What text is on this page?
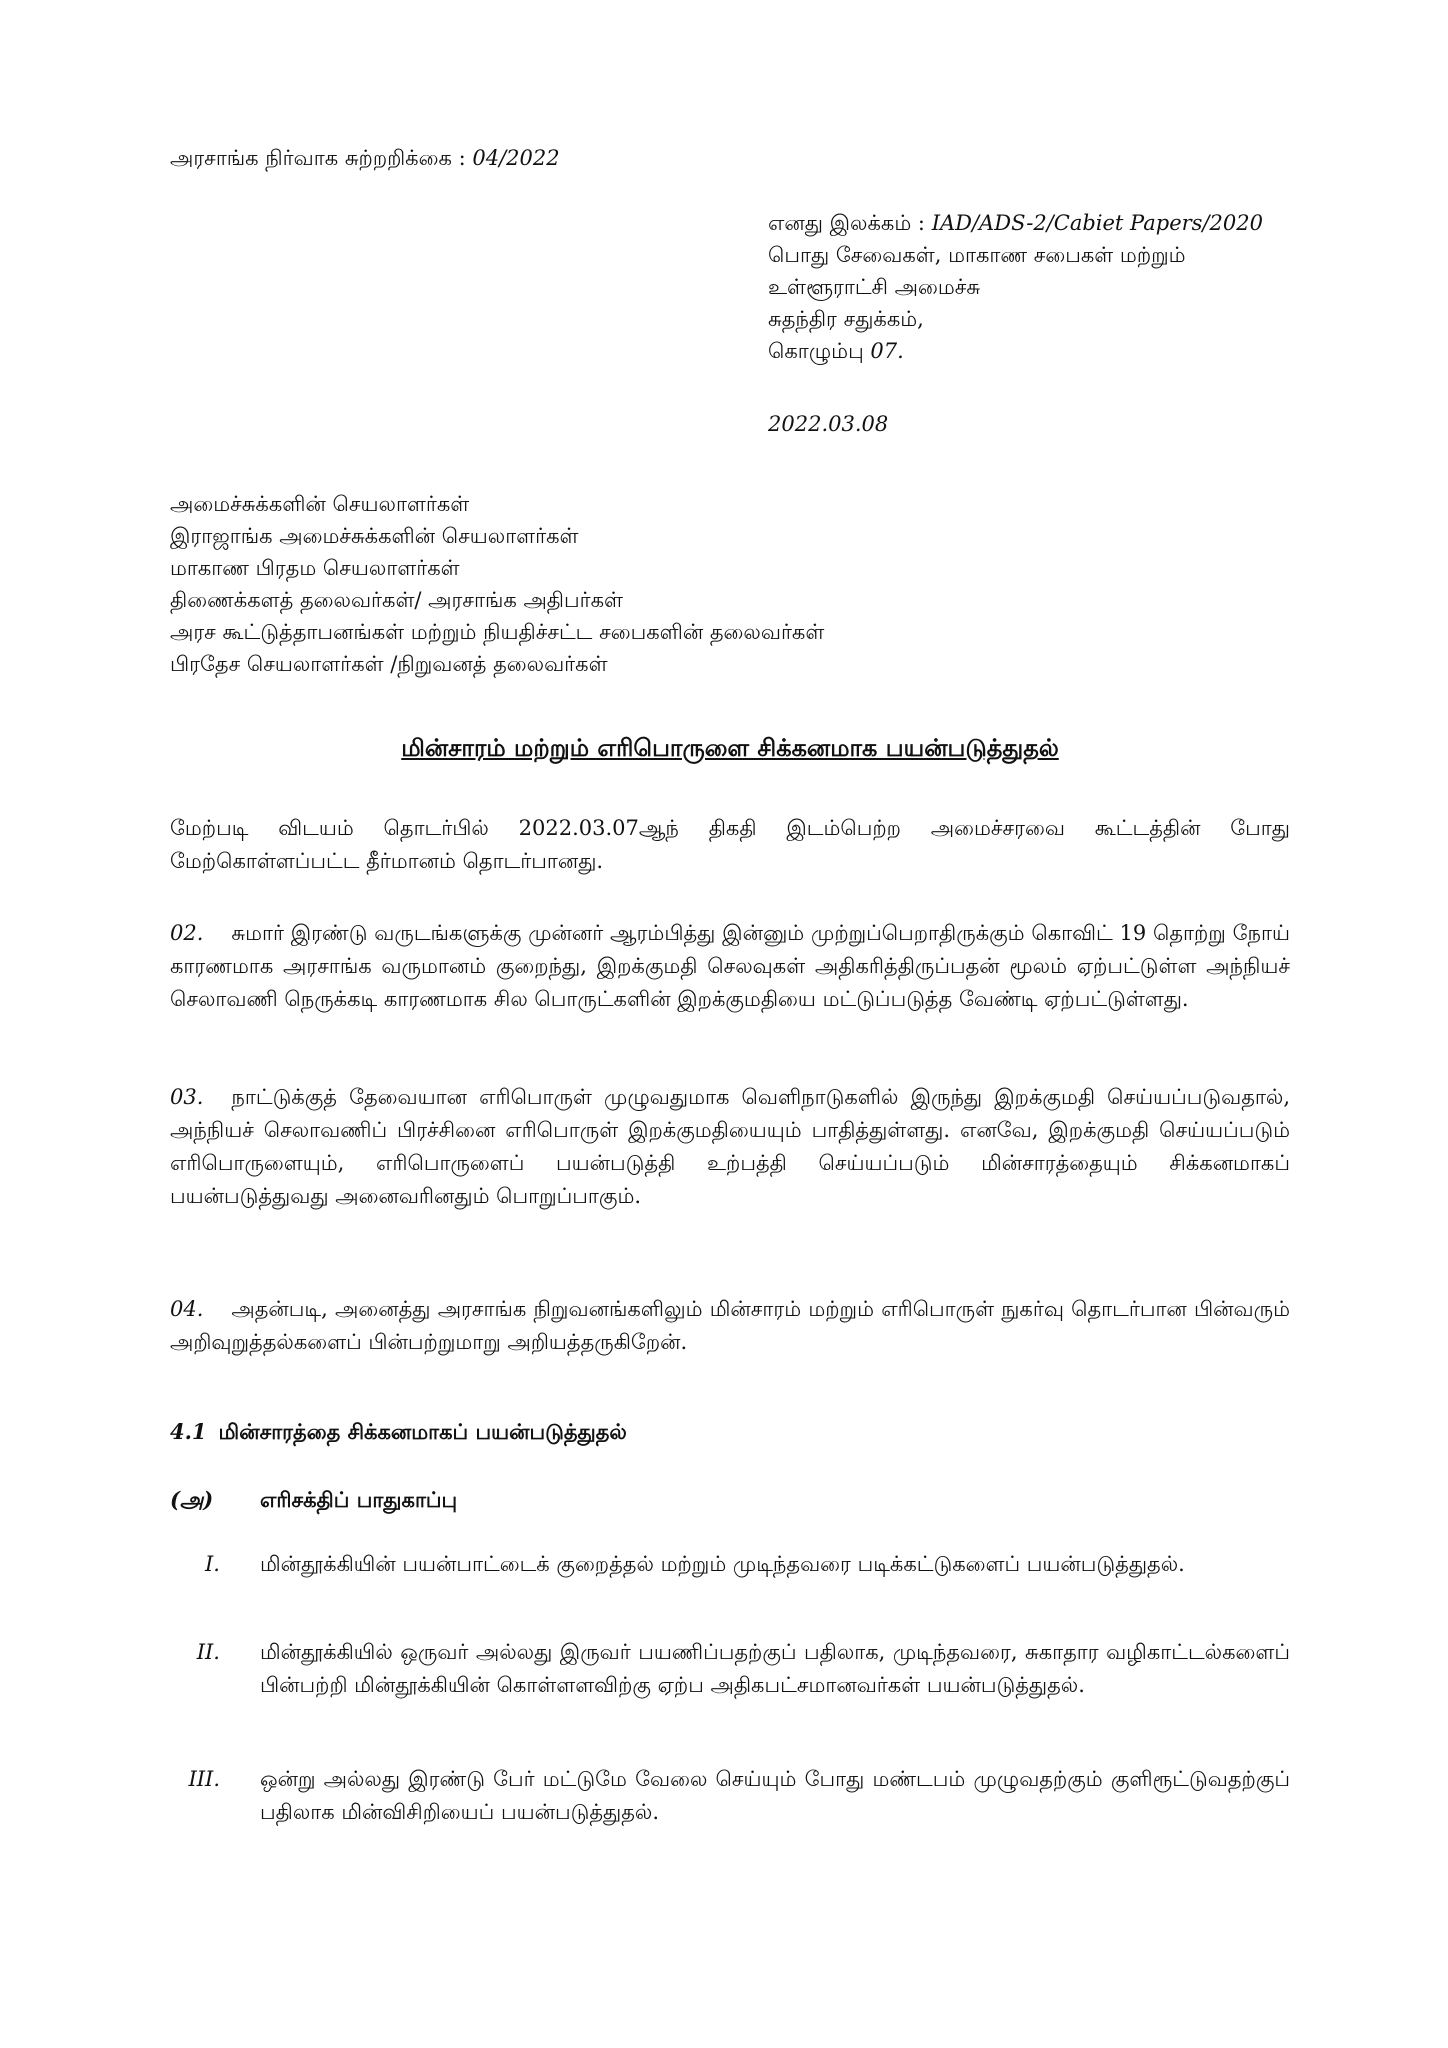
அரசாங்க நிர்வாக சுற்றறிக்கை : 04/2022
எனது இலக்கம் : IAD/ADS-2/Cabiet Papers/2020
பொது சேவைகள், மாகாண சபைகள் மற்றும்
உள்ளூராட்சி அமைச்சு
சுதந்திர சதுக்கம்,
கொழும்பு 07.
2022.03.08
அமைச்சுக்களின் செயலாளர்கள்
இராஜாங்க அமைச்சுக்களின் செயலாளர்கள்
மாகாண பிரதம செயலாளர்கள்
திணைக்களத் தலைவர்கள்/ அரசாங்க அதிபர்கள்
அரச கூட்டுத்தாபனங்கள் மற்றும் நியதிச்சட்ட சபைகளின் தலைவர்கள்
பிரதேச செயலாளர்கள் /நிறுவனத் தலைவர்கள்
மின்சாரம் மற்றும் எரிபொருளை சிக்கனமாக பயன்படுத்துதல்
மேற்படி விடயம் தொடர்பில் 2022.03.07ஆந் திகதி இடம்பெற்ற அமைச்சரவை கூட்டத்தின் போது மேற்கொள்ளப்பட்ட தீர்மானம் தொடர்பானது.
02. சுமார் இரண்டு வருடங்களுக்கு முன்னர் ஆரம்பித்து இன்னும் முற்றுப்பெறாதிருக்கும் கொவிட் 19 தொற்று நோய் காரணமாக அரசாங்க வருமானம் குறைந்து, இறக்குமதி செலவுகள் அதிகரித்திருப்பதன் மூலம் ஏற்பட்டுள்ள அந்நியச் செலாவணி நெருக்கடி காரணமாக சில பொருட்களின் இறக்குமதியை மட்டுப்படுத்த வேண்டி ஏற்பட்டுள்ளது.
03. நாட்டுக்குத் தேவையான எரிபொருள் முழுவதுமாக வெளிநாடுகளில் இருந்து இறக்குமதி செய்யப்படுவதால், அந்நியச் செலாவணிப் பிரச்சினை எரிபொருள் இறக்குமதியையும் பாதித்துள்ளது. எனவே, இறக்குமதி செய்யப்படும் எரிபொருளையும், எரிபொருளைப் பயன்படுத்தி உற்பத்தி செய்யப்படும் மின்சாரத்தையும் சிக்கனமாகப் பயன்படுத்துவது அனைவரினதும் பொறுப்பாகும்.
04. அதன்படி, அனைத்து அரசாங்க நிறுவனங்களிலும் மின்சாரம் மற்றும் எரிபொருள் நுகர்வு தொடர்பான பின்வரும் அறிவுறுத்தல்களைப் பின்பற்றுமாறு அறியத்தருகிறேன்.
4.1 மின்சாரத்தை சிக்கனமாகப் பயன்படுத்துதல்
(அ) எரிசக்திப் பாதுகாப்பு
I. மின்தூக்கியின் பயன்பாட்டைக் குறைத்தல் மற்றும் முடிந்தவரை படிக்கட்டுகளைப் பயன்படுத்துதல்.
II. மின்தூக்கியில் ஒருவர் அல்லது இருவர் பயணிப்பதற்குப் பதிலாக, முடிந்தவரை, சுகாதார வழிகாட்டல்களைப் பின்பற்றி மின்தூக்கியின் கொள்ளளவிற்கு ஏற்ப அதிகபட்சமானவர்கள் பயன்படுத்துதல்.
III. ஒன்று அல்லது இரண்டு பேர் மட்டுமே வேலை செய்யும் போது மண்டபம் முழுவதற்கும் குளிரூட்டுவதற்குப் பதிலாக மின்விசிறியைப் பயன்படுத்துதல்.
